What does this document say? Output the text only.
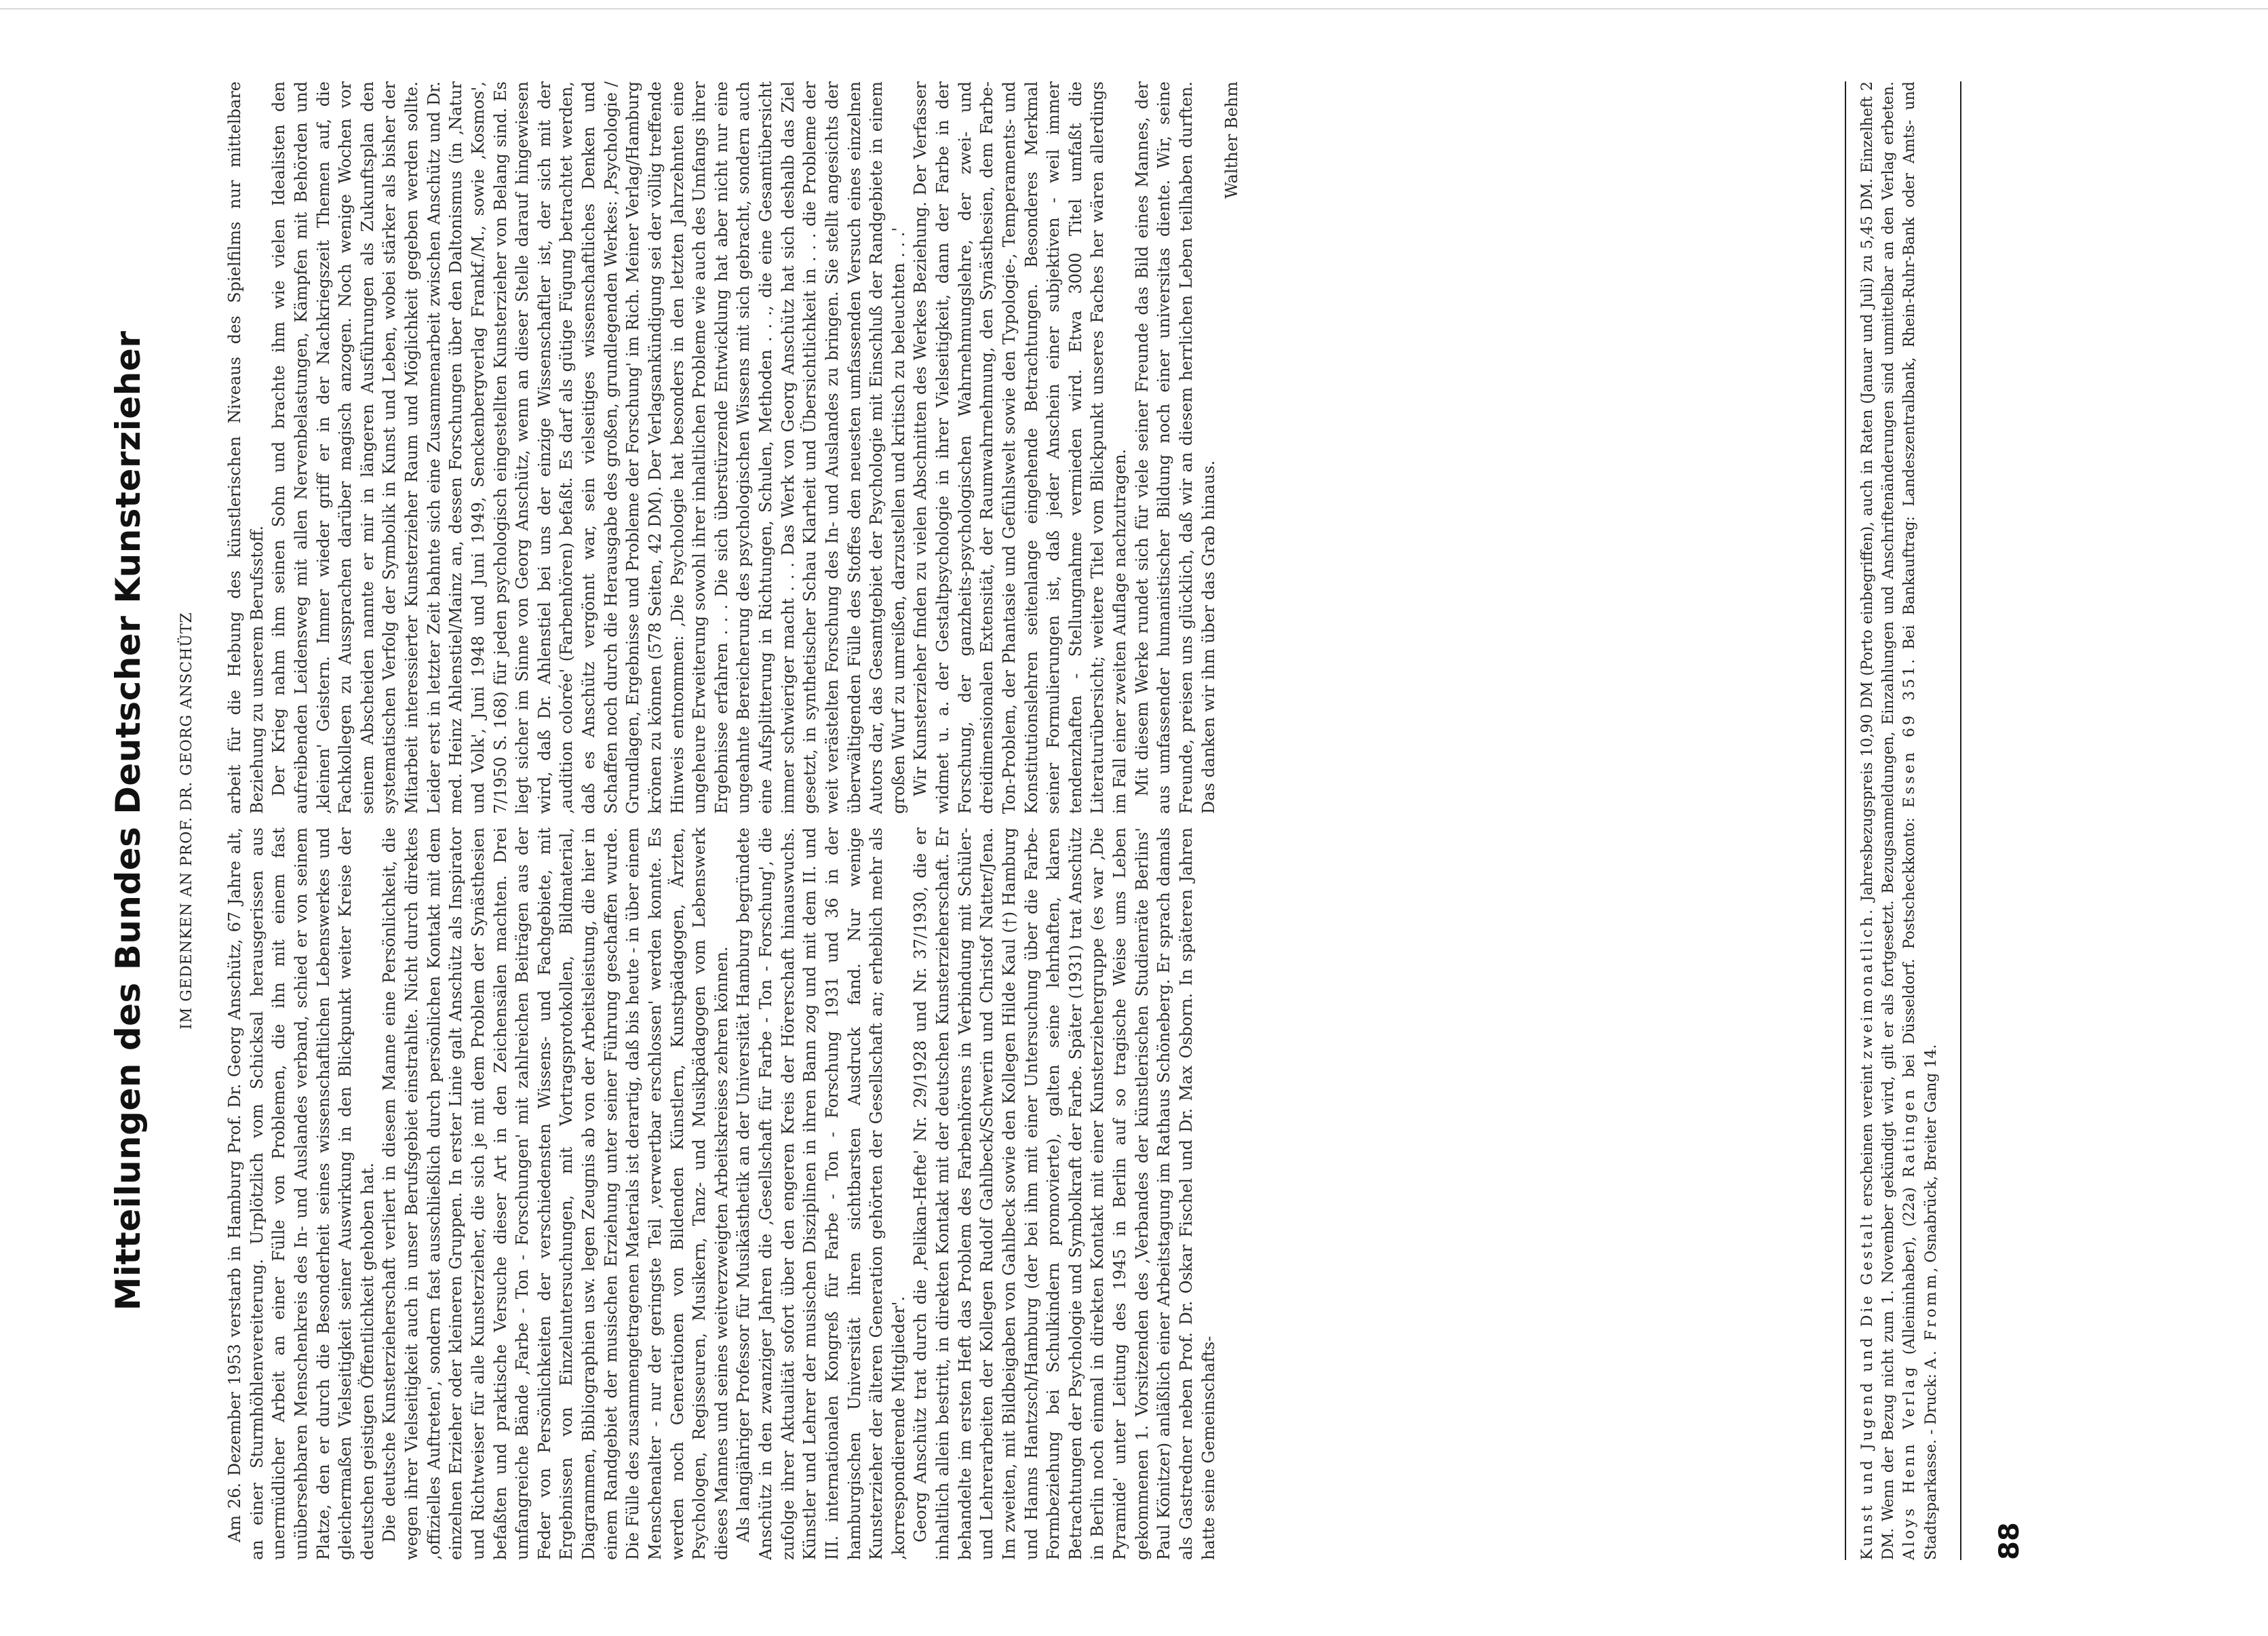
Mitteilungen des Bundes Deutscher Kunsterzieher IM GEDENKEN AN PROF. DR. GEORG ANSCHÜTZ

Am 26. Dezember 1953 verstarb in Hamburg Prof. Dr. Georg Anschütz, 67 Jahre alt, an einer Sturmhöhlenvereiterung. Urplötzlich vom Schicksal herausgerissen aus unermüdlicher Arbeit an einer Fülle von Problemen, die ihn mit einem fast unübersehbaren Menschenkreis des In- und Auslandes verband, schied er von seinem Platze, den er durch die Besonderheit seines wissenschaftlichen Lebenswerkes und gleichermaßen Vielseitigkeit seiner Auswirkung in den Blickpunkt weiter Kreise der deutschen geistigen Öffentlichkeit gehoben hat. Die deutsche Kunsterzieherschaft verliert in diesem Manne eine Persönlichkeit, die wegen ihrer Vielseitigkeit auch in unser Berufsgebiet einstrahlte. Nicht durch direktes ‚offizielles Auftreten', sondern fast ausschließlich durch persönlichen Kontakt mit dem einzelnen Erzieher oder kleineren Gruppen. In erster Linie galt Anschütz als Inspirator und Richtweiser für alle Kunsterzieher, die sich je mit dem Problem der Synästhesien befaßten und praktische Versuche dieser Art in den Zeichensälen machten. Drei umfangreiche Bände ‚Farbe - Ton - Forschungen' mit zahlreichen Beiträgen aus der Feder von Persönlichkeiten der verschiedensten Wissens- und Fachgebiete, mit Ergebnissen von Einzeluntersuchungen, mit Vortragsprotokollen, Bildmaterial, Diagrammen, Bibliographien usw. legen Zeugnis ab von der Arbeitsleistung, die hier in einem Randgebiet der musischen Erziehung unter seiner Führung geschaffen wurde. Die Fülle des zusammengetragenen Materials ist derartig, daß bis heute - in über einem Menschenalter - nur der geringste Teil ‚verwertbar erschlossen' werden konnte. Es werden noch Generationen von Bildenden Künstlern, Kunstpädagogen, Ärzten, Psychologen, Regisseuren, Musikern, Tanz- und Musikpädagogen vom Lebenswerk dieses Mannes und seines weitverzweigten Arbeitskreises zehren können. Als langjähriger Professor für Musikästhetik an der Universität Hamburg begründete Anschütz in den zwanziger Jahren die ‚Gesellschaft für Farbe - Ton - Forschung', die zufolge ihrer Aktualität sofort über den engeren Kreis der Hörerschaft hinauswuchs. Künstler und Lehrer der musischen Disziplinen in ihren Bann zog und mit dem II. und III. internationalen Kongreß für Farbe - Ton - Forschung 1931 und 36 in der hamburgischen Universität ihren sichtbarsten Ausdruck fand. Nur wenige Kunsterzieher der älteren Generation gehörten der Gesellschaft an; erheblich mehr als ‚korrespondierende Mitglieder'. Georg Anschütz trat durch die ‚Pelikan-Hefte' Nr. 29/1928 und Nr. 37/1930, die er inhaltlich allein bestritt, in direkten Kontakt mit der deutschen Kunsterzieherschaft. Er behandelte im ersten Heft das Problem des Farbenhörens in Verbindung mit Schüler- und Lehrerarbeiten der Kollegen Rudolf Gahlbeck/Schwerin und Christof Natter/Jena. Im zweiten, mit Bildbeigaben von Gahlbeck sowie den Kollegen Hilde Kaul (†) Hamburg und Hanns Hantzsch/Hamburg (der bei ihm mit einer Untersuchung über die Farbe-Formbeziehung bei Schulkindern promovierte), galten seine lehrhaften, klaren Betrachtungen der Psychologie und Symbolkraft der Farbe. Später (1931) trat Anschütz in Berlin noch einmal in direkten Kontakt mit einer Kunsterziehergruppe (es war ‚Die Pyramide' unter Leitung des 1945 in Berlin auf so tragische Weise ums Leben gekommenen 1. Vorsitzenden des ‚Verbandes der künstlerischen Studienräte Berlins' Paul Könitzer) anläßlich einer Arbeitstagung im Rathaus Schöneberg. Er sprach damals als Gastredner neben Prof. Dr. Oskar Fischel und Dr. Max Osborn. In späteren Jahren hatte seine Gemeinschafts-

arbeit für die Hebung des künstlerischen Niveaus des Spielfilms nur mittelbare Beziehung zu unserem Berufsstoff. Der Krieg nahm ihm seinen Sohn und brachte ihm wie vielen Idealisten den aufreibenden Leidensweg mit allen Nervenbelastungen, Kämpfen mit Behörden und ‚kleinen' Geistern. Immer wieder griff er in der Nachkriegszeit Themen auf, die Fachkollegen zu Aussprachen darüber magisch anzogen. Noch wenige Wochen vor seinem Abscheiden nannte er mir in längeren Ausführungen als Zukunftsplan den systematischen Verfolg der Symbolik in Kunst und Leben, wobei stärker als bisher der Mitarbeit interessierter Kunsterzieher Raum und Möglichkeit gegeben werden sollte. Leider erst in letzter Zeit bahnte sich eine Zusammenarbeit zwischen Anschütz und Dr. med. Heinz Ahlenstiel/Mainz an, dessen Forschungen über den Daltonismus (in ‚Natur und Volk', Juni 1948 und Juni 1949, Senckenbergverlag Frankf./M., sowie ‚Kosmos', 7/1950 S. 168) für jeden psychologisch eingestellten Kunsterzieher von Belang sind. Es liegt sicher im Sinne von Georg Anschütz, wenn an dieser Stelle darauf hingewiesen wird, daß Dr. Ahlenstiel bei uns der einzige Wissenschaftler ist, der sich mit der ‚audition colorée' (Farbenhören) befaßt. Es darf als gütige Fügung betrachtet werden, daß es Anschütz vergönnt war, sein vielseitiges wissenschaftliches Denken und Schaffen noch durch die Herausgabe des großen, grundlegenden Werkes: ‚Psychologie / Grundlagen, Ergebnisse und Probleme der Forschung' im Rich. Meiner Verlag/Hamburg krönen zu können (578 Seiten, 42 DM). Der Verlagsankündigung sei der völlig treffende Hinweis entnommen: ‚Die Psychologie hat besonders in den letzten Jahrzehnten eine ungeheure Erweiterung sowohl ihrer inhaltlichen Probleme wie auch des Umfangs ihrer Ergebnisse erfahren . . . Die sich überstürzende Entwicklung hat aber nicht nur eine ungeahnte Bereicherung des psychologischen Wissens mit sich gebracht, sondern auch eine Aufsplitterung in Richtungen, Schulen, Methoden . . ., die eine Gesamtübersicht immer schwieriger macht . . . Das Werk von Georg Anschütz hat sich deshalb das Ziel gesetzt, in synthetischer Schau Klarheit und Übersichtlichkeit in . . . die Probleme der weit verästelten Forschung des In- und Auslandes zu bringen. Sie stellt angesichts der überwältigenden Fülle des Stoffes den neuesten umfassenden Versuch eines einzelnen Autors dar, das Gesamtgebiet der Psychologie mit Einschluß der Randgebiete in einem großen Wurf zu umreißen, darzustellen und kritisch zu beleuchten . . .' Wir Kunsterzieher finden zu vielen Abschnitten des Werkes Beziehung. Der Verfasser widmet u. a. der Gestaltpsychologie in ihrer Vielseitigkeit, dann der Farbe in der Forschung, der ganzheits-psychologischen Wahrnehmungslehre, der zwei- und dreidimensionalen Extensität, der Raumwahrnehmung, den Synästhesien, dem Farbe-Ton-Problem, der Phantasie und Gefühlswelt sowie den Typologie-, Temperaments- und Konstitutionslehren seitenlange eingehende Betrachtungen. Besonderes Merkmal seiner Formulierungen ist, daß jeder Anschein einer subjektiven - weil immer tendenzhaften - Stellungnahme vermieden wird. Etwa 3000 Titel umfaßt die Literaturübersicht; weitere Titel vom Blickpunkt unseres Faches her wären allerdings im Fall einer zweiten Auflage nachzutragen. Mit diesem Werke rundet sich für viele seiner Freunde das Bild eines Mannes, der aus umfassender humanistischer Bildung noch einer universitas diente. Wir, seine Freunde, preisen uns glücklich, daß wir an diesem herrlichen Leben teilhaben durften. Das danken wir ihm über das Grab hinaus.

Walther Behm

Kunst und Jugend und Die Gestalt erscheinen vereint zweimonatlich. Jahresbezugspreis 10,90 DM (Porto einbegriffen), auch in Raten (Januar und Juli) zu 5,45 DM. Einzelheft 2 DM. Wenn der Bezug nicht zum 1. November gekündigt wird, gilt er als fortgesetzt. Bezugsanmeldungen, Einzahlungen und Anschriftenänderungen sind unmittelbar an den Verlag erbeten. Aloys Henn Verlag (Alleininhaber), (22a) Ratingen bei Düsseldorf. Postscheckkonto: Essen 69 351. Bei Bankauftrag: Landeszentralbank, Rhein-Ruhr-Bank oder Amts- und Stadtsparkasse. - Druck: A. Fromm, Osnabrück, Breiter Gang 14.
88
